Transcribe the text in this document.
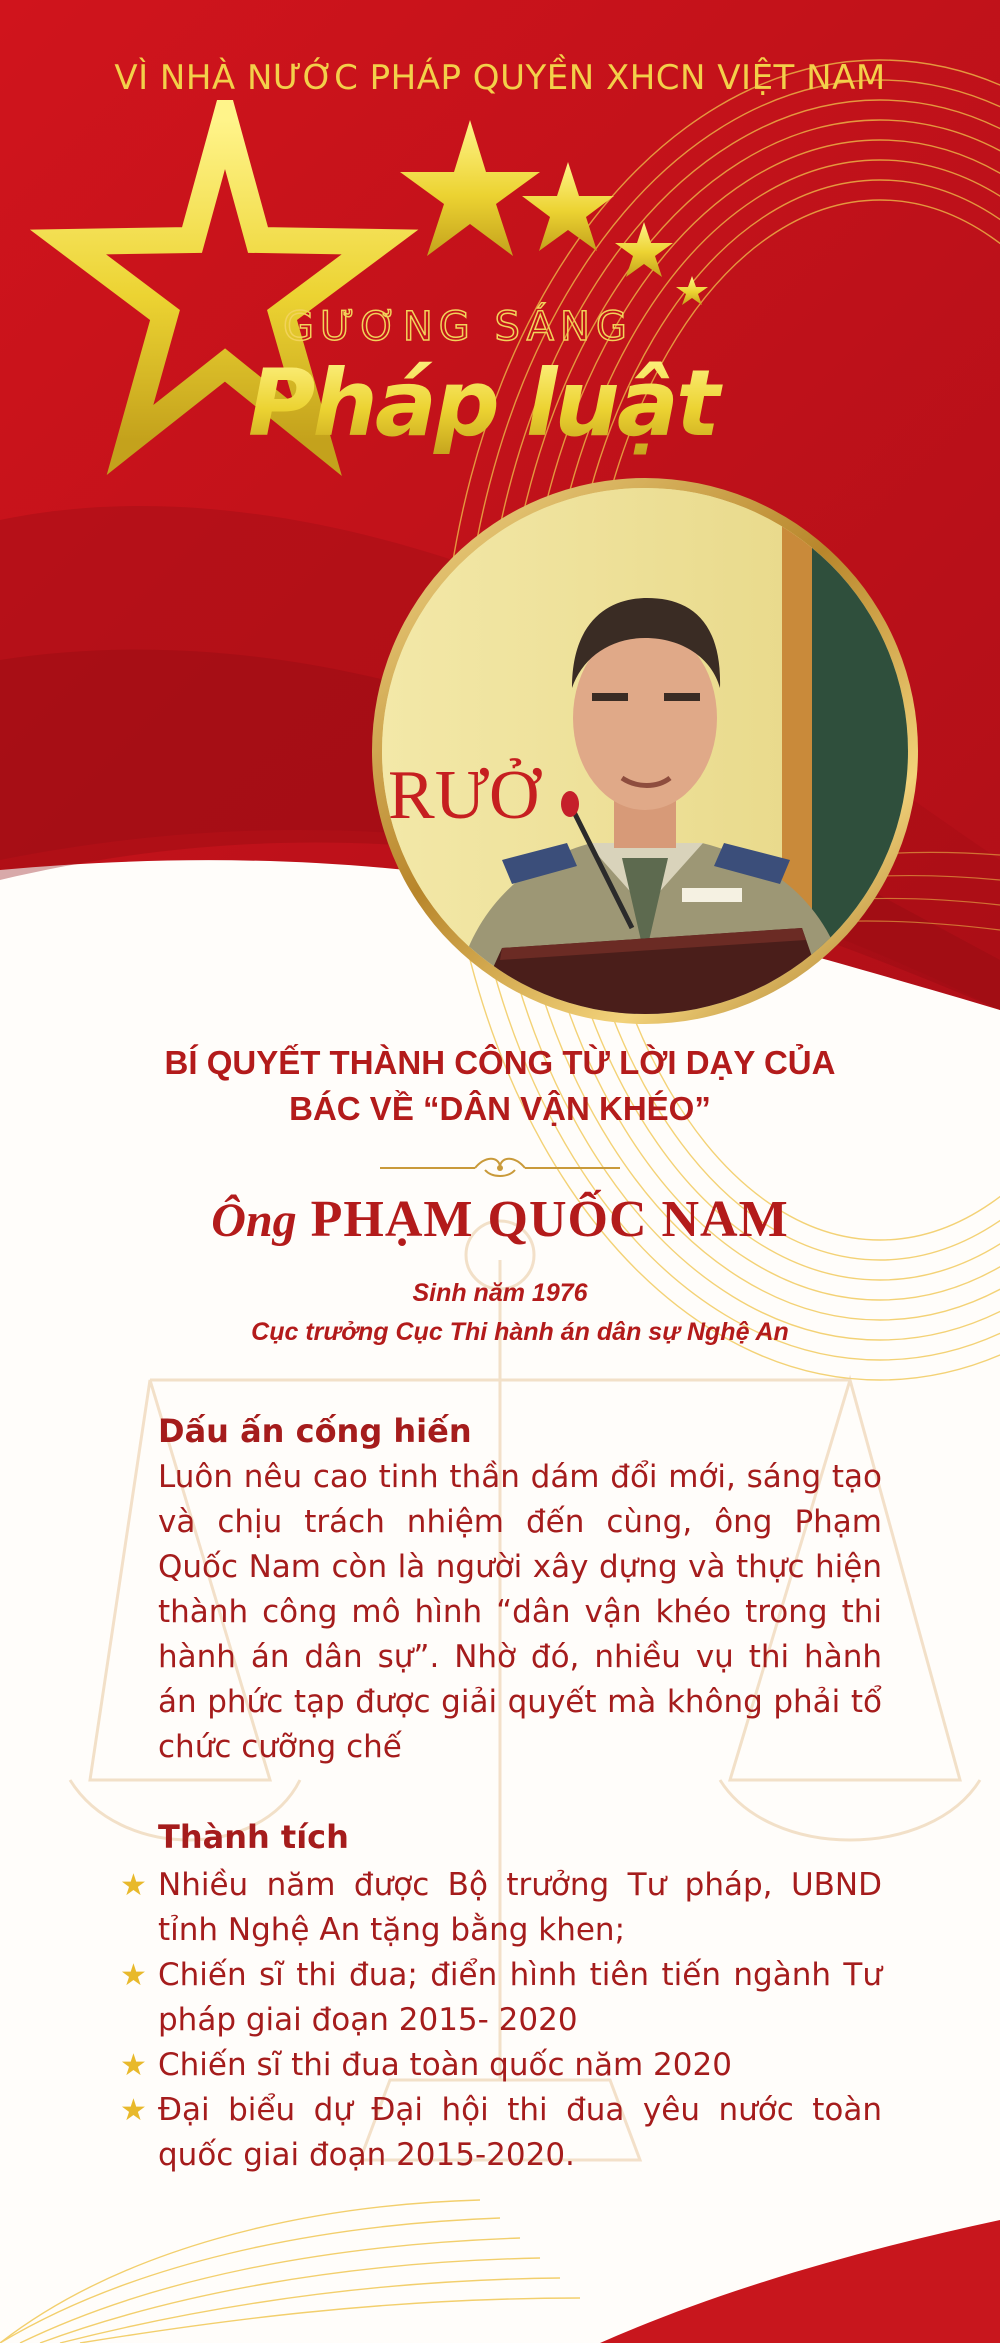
VÌ NHÀ NƯỚC PHÁP QUYỀN XHCN VIỆT NAM
GƯƠNG SÁNG
Pháp luật
RƯỞ
BÍ QUYẾT THÀNH CÔNG TỪ LỜI DẠY CỦA
BÁC VỀ “DÂN VẬN KHÉO”
Ông PHẠM QUỐC NAM
Sinh năm 1976
Cục trưởng Cục Thi hành án dân sự Nghệ An
Dấu ấn cống hiến
Luôn nêu cao tinh thần dám đổi mới, sáng tạo và chịu trách nhiệm đến cùng, ông Phạm Quốc Nam còn là người xây dựng và thực hiện thành công mô hình “dân vận khéo trong thi hành án dân sự”. Nhờ đó, nhiều vụ thi hành án phức tạp được giải quyết mà không phải tổ chức cưỡng chế
Thành tích
★ Nhiều năm được Bộ trưởng Tư pháp, UBND tỉnh Nghệ An tặng bằng khen;
★ Chiến sĩ thi đua; điển hình tiên tiến ngành Tư pháp giai đoạn 2015- 2020
★ Chiến sĩ thi đua toàn quốc năm 2020
★ Đại biểu dự Đại hội thi đua yêu nước toàn quốc giai đoạn 2015-2020.
